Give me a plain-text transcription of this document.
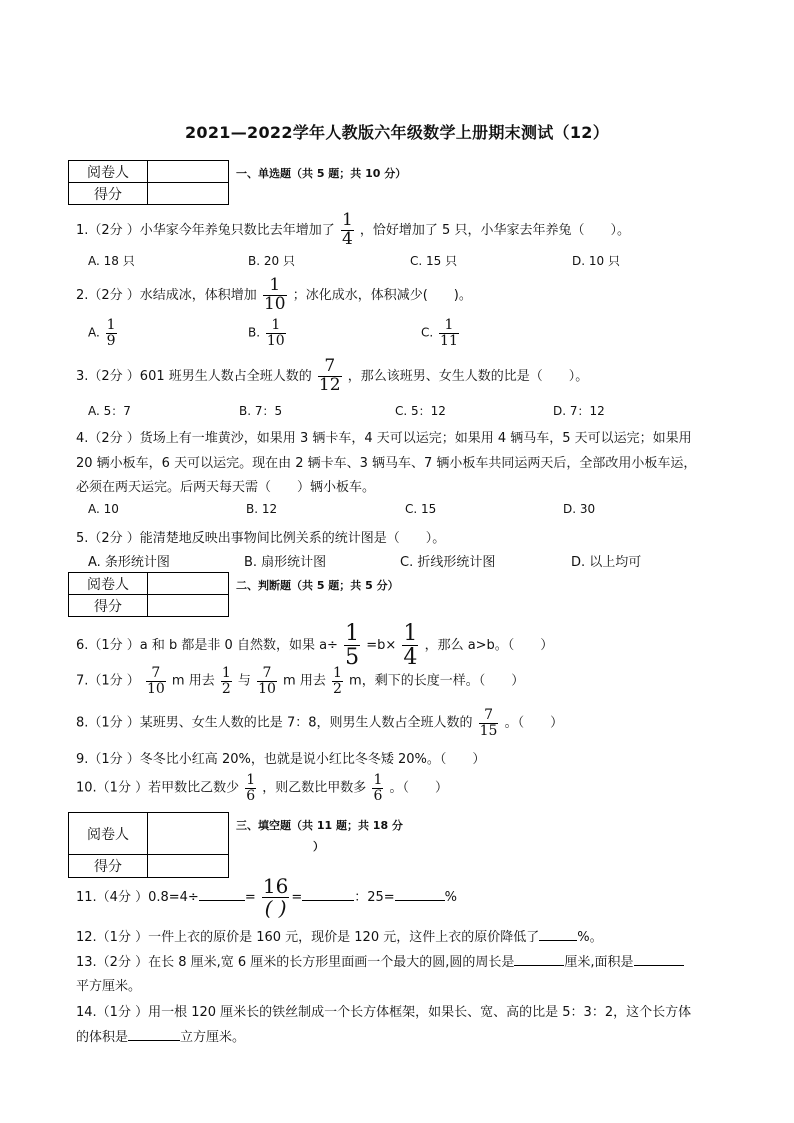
2021—2022学年人教版六年级数学上册期末测试（12）
阅卷人	
得分	
一、单选题（共 5 题；共 10 分）
1.（2分 ）小华家今年养兔只数比去年增加了 $\frac{1}{4}$ ，恰好增加了 5 只，小华家去年养兔（　　）。
A. 18 只	B. 20 只	C. 15 只	D. 10 只
2.（2分 ）水结成冰，体积增加 $\frac{1}{10}$ ；冰化成水，体积减少(　　)。
A. $\frac{1}{9}$	B. $\frac{1}{10}$	C. $\frac{1}{11}$
3.（2分 ）601 班男生人数占全班人数的 $\frac{7}{12}$ ，那么该班男、女生人数的比是（　　）。
A. 5：7	B. 7：5	C. 5：12	D. 7：12
4.（2分 ）货场上有一堆黄沙，如果用 3 辆卡车，4 天可以运完；如果用 4 辆马车，5 天可以运完；如果用
20 辆小板车，6 天可以运完。现在由 2 辆卡车、3 辆马车、7 辆小板车共同运两天后，全部改用小板车运，
必须在两天运完。后两天每天需（　　）辆小板车。
A. 10	B. 12	C. 15	D. 30
5.（2分 ）能清楚地反映出事物间比例关系的统计图是（　　）。
A. 条形统计图	B. 扇形统计图	C. 折线形统计图	D. 以上均可
阅卷人	
得分	
二、判断题（共 5 题；共 5 分）
6.（1分 ）a 和 b 都是非 0 自然数，如果 $a\div \frac{1}{5} =b\times \frac{1}{4}$ ，那么 a>b。（　　）
7.（1分 ） $\frac{7}{10}$ m 用去 $\frac{1}{2}$ 与 $\frac{7}{10}$ m 用去 $\frac{1}{2}$ m，剩下的长度一样。（　　）
8.（1分 ）某班男、女生人数的比是 7：8，则男生人数占全班人数的 $\frac{7}{15}$ 。（　　）
9.（1分 ）冬冬比小红高 20%，也就是说小红比冬冬矮 20%。（　　）
10.（1分 ）若甲数比乙数少 $\frac{1}{6}$ ，则乙数比甲数多 $\frac{1}{6}$ 。（　　）
阅卷人	
得分	
三、填空题（共 11 题；共 18 分
）
11.（4分 ）0.8=4÷	= $\frac{16}{( )}$ =	：25=	%
12.（1分 ）一件上衣的原价是 160 元，现价是 120 元，这件上衣的原价降低了	%。
13.（2分 ）在长 8 厘米,宽 6 厘米的长方形里面画一个最大的圆,圆的周长是	厘米,面积是
平方厘米。
14.（1分 ）用一根 120 厘米长的铁丝制成一个长方体框架，如果长、宽、高的比是 5：3：2，这个长方体
的体积是	立方厘米。
